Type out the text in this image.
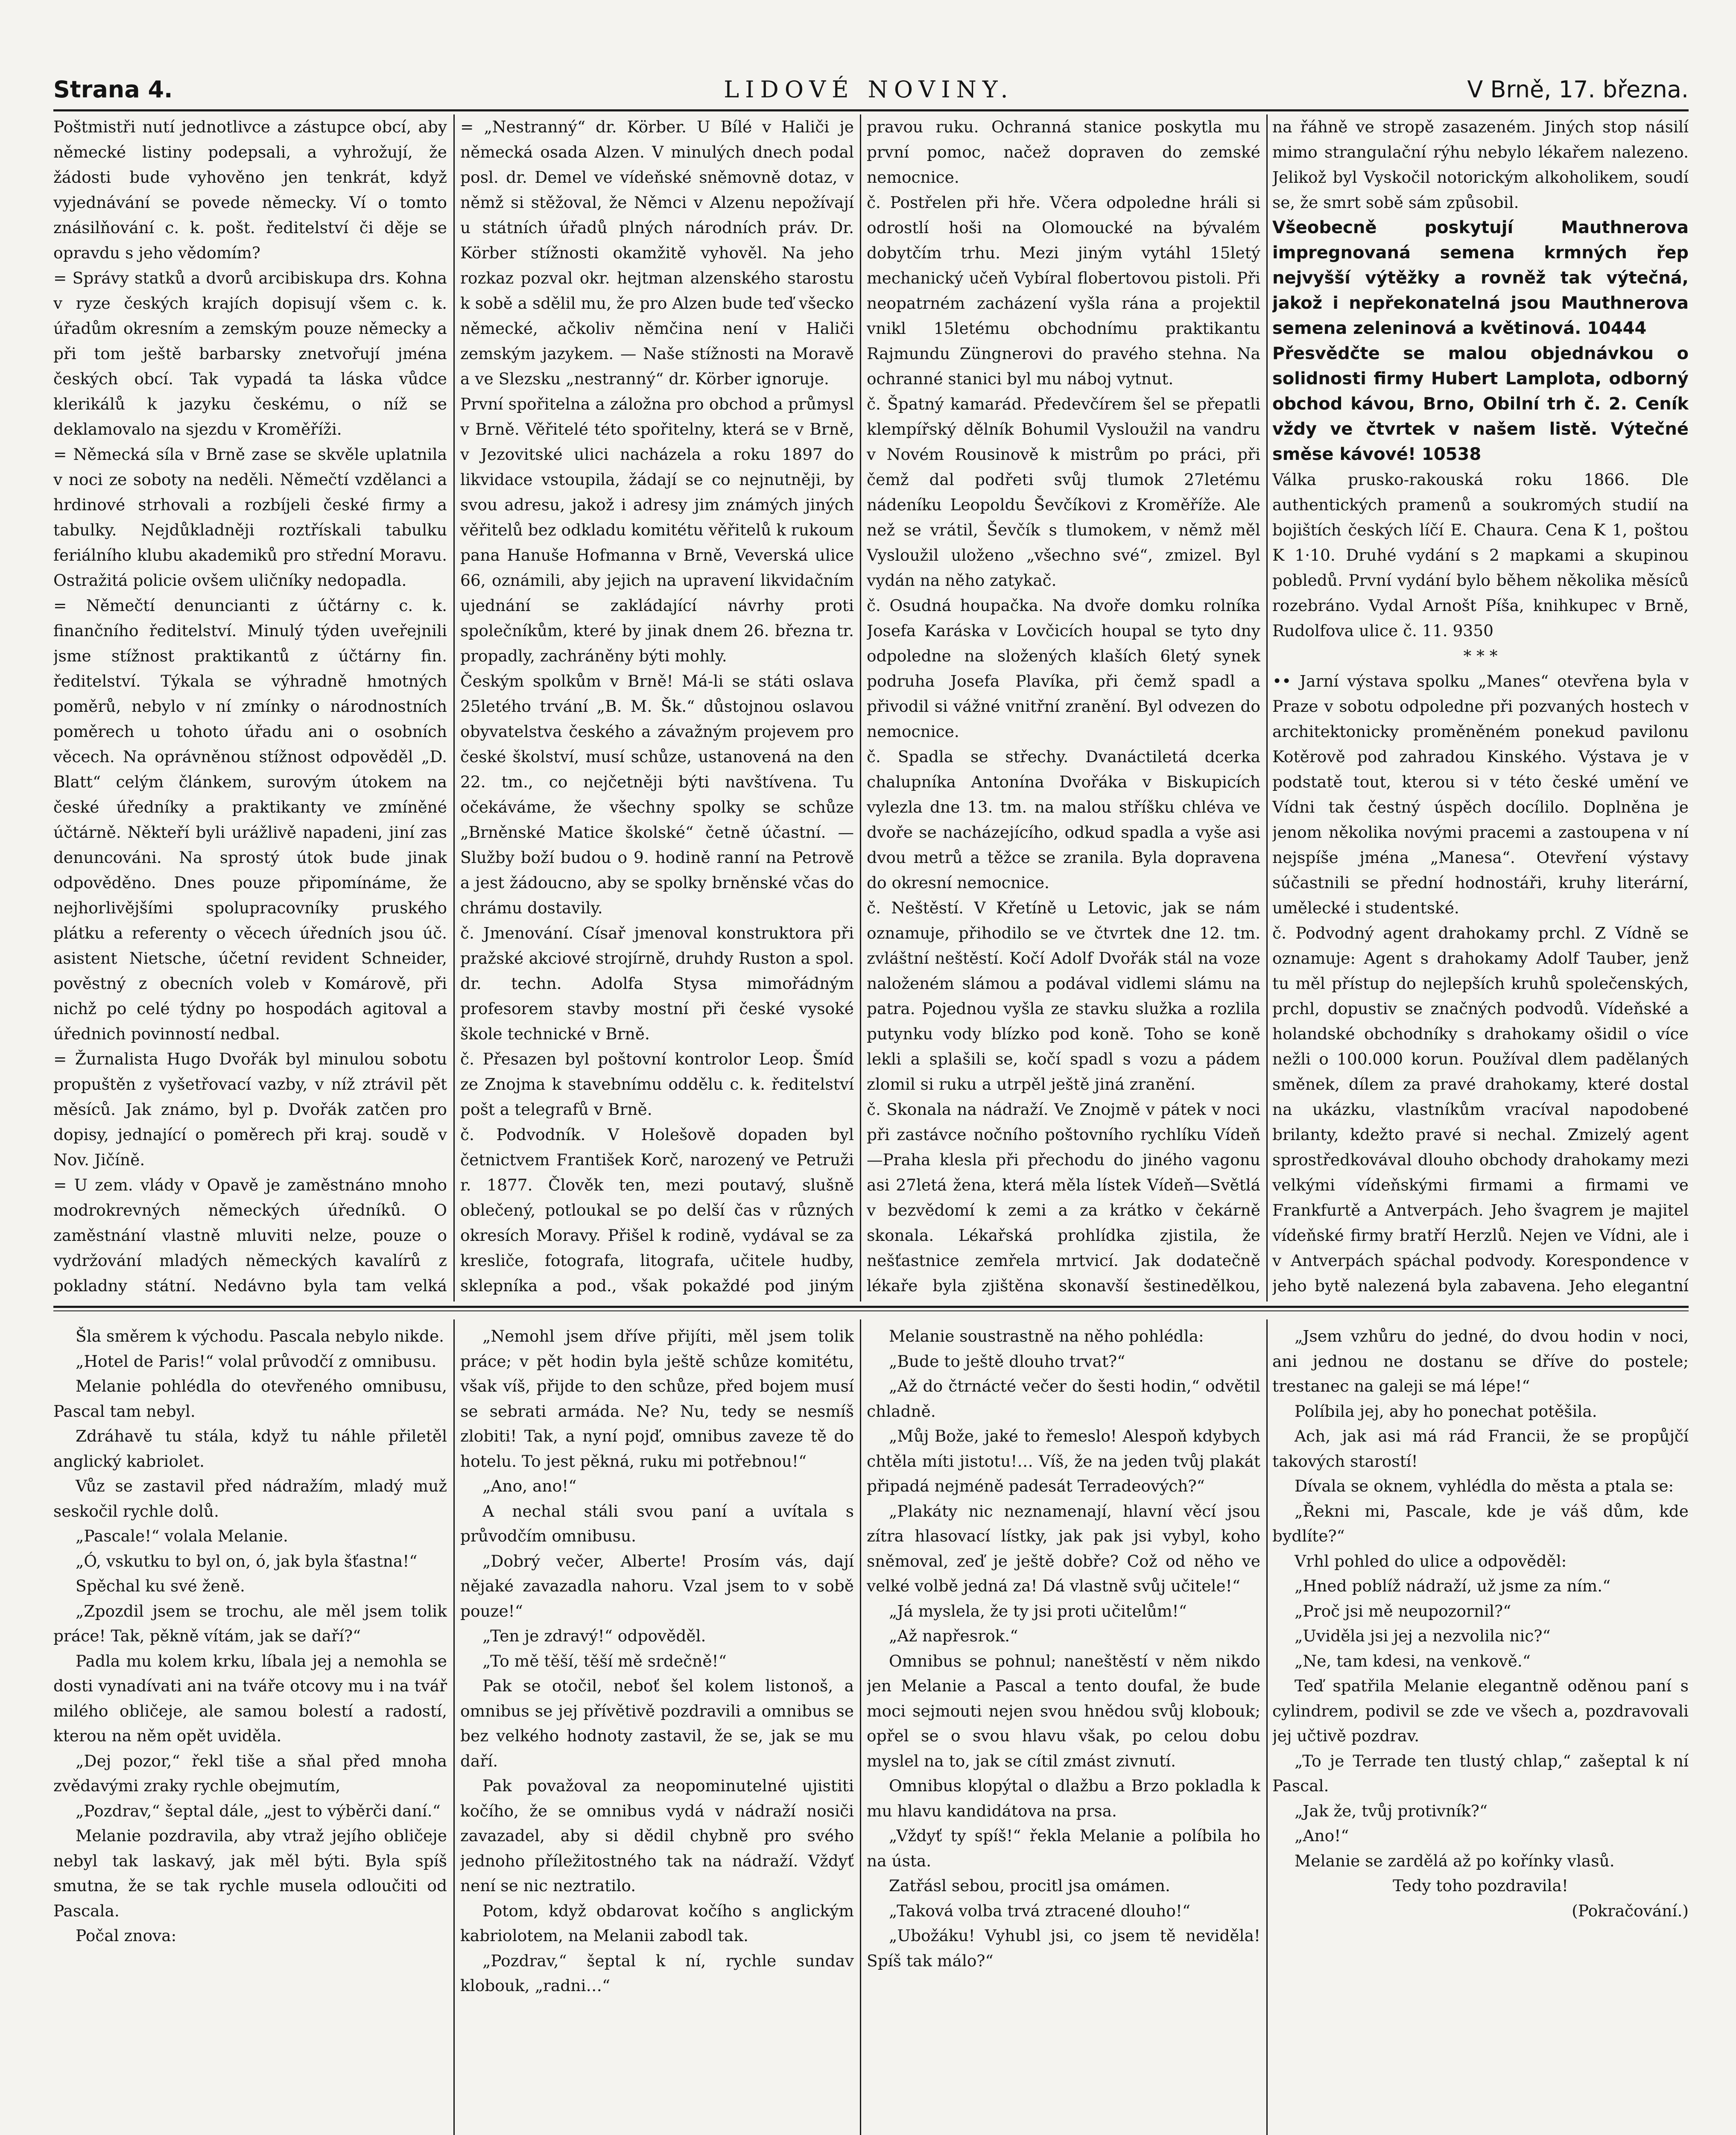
Strana 4.	LIDOVÉ NOVINY.	V Brně, 17. března.

Poštmistři nutí jednotlivce a zástupce obcí, aby německé listiny podepsali, a vyhrožují, že žádosti bude vyhověno jen tenkrát, když vyjednávání se povede německy. Ví o tomto znásilňování c. k. pošt. ředitelství či děje se opravdu s jeho vědomím?

= Správy statků a dvorů arcibiskupa drs. Kohna v ryze českých krajích dopisují všem c. k. úřadům okresním a zemským pouze německy a při tom ještě barbarsky znetvořují jména českých obcí. Tak vypadá ta láska vůdce klerikálů k jazyku českému, o níž se deklamovalo na sjezdu v Kroměříži.

= Německá síla v Brně zase se skvěle uplatnila v noci ze soboty na neděli. Němečtí vzdělanci a hrdinové strhovali a rozbíjeli české firmy a tabulky. Nejdůkladněji roztřískali tabulku feriálního klubu akademiků pro střední Moravu. Ostražitá policie ovšem uličníky nedopadla.

= Němečtí denuncianti z účtárny c. k. finančního ředitelství. Minulý týden uveřejnili jsme stížnost praktikantů z účtárny fin. ředitelství. Týkala se výhradně hmotných poměrů, nebylo v ní zmínky o národnostních poměrech u tohoto úřadu ani o osobních věcech. Na oprávněnou stížnost odpověděl „D. Blatt“ celým článkem, surovým útokem na české úředníky a praktikanty ve zmíněné účtárně. Někteří byli urážlivě napadeni, jiní zas denuncováni. Na sprostý útok bude jinak odpověděno. Dnes pouze připomínáme, že nejhorlivějšími spolupracovníky pruského plátku a referenty o věcech úředních jsou úč. asistent Nietsche, účetní revident Schneider, pověstný z obecních voleb v Komárově, při nichž po celé týdny po hospodách agitoval a úřednich povinností nedbal.

= Žurnalista Hugo Dvořák byl minulou sobotu propuštěn z vyšetřovací vazby, v níž ztrávil pět měsíců. Jak známo, byl p. Dvořák zatčen pro dopisy, jednající o poměrech při kraj. soudě v Nov. Jičíně.

= U zem. vlády v Opavě je zaměstnáno mnoho modrokrevných německých úředníků. O zaměstnání vlastně mluviti nelze, pouze o vydržování mladých německých kavalírů z pokladny státní. Nedávno byla tam velká

= „Nestranný“ dr. Körber. U Bílé v Haliči je německá osada Alzen. V minulých dnech podal posl. dr. Demel ve vídeňské sněmovně dotaz, v němž si stěžoval, že Němci v Alzenu nepožívají u státních úřadů plných národních práv. Dr. Körber stížnosti okamžitě vyhověl. Na jeho rozkaz pozval okr. hejtman alzenského starostu k sobě a sdělil mu, že pro Alzen bude teď všecko německé, ačkoliv němčina není v Haliči zemským jazykem. — Naše stížnosti na Moravě a ve Slezsku „nestranný“ dr. Körber ignoruje.

První spořitelna a záložna pro obchod a průmysl v Brně. Věřitelé této spořitelny, která se v Brně, v Jezovitské ulici nacházela a roku 1897 do likvidace vstoupila, žádají se co nejnutněji, by svou adresu, jakož i adresy jim známých jiných věřitelů bez odkladu komitétu věřitelů k rukoum pana Hanuše Hofmanna v Brně, Veverská ulice 66, oznámili, aby jejich na upravení likvidačním ujednání se zakládající návrhy proti společníkům, které by jinak dnem 26. března tr. propadly, zachráněny býti mohly.

Českým spolkům v Brně! Má-li se státi oslava 25letého trvání „B. M. Šk.“ důstojnou oslavou obyvatelstva českého a závažným projevem pro české školství, musí schůze, ustanovená na den 22. tm., co nejčetněji býti navštívena. Tu očekáváme, že všechny spolky se schůze „Brněnské Matice školské“ četně účastní. — Služby boží budou o 9. hodině ranní na Petrově a jest žádoucno, aby se spolky brněnské včas do chrámu dostavily.

č. Jmenování. Císař jmenoval konstruktora při pražské akciové strojírně, druhdy Ruston a spol. dr. techn. Adolfa Stysa mimořádným profesorem stavby mostní při české vysoké škole technické v Brně.

č. Přesazen byl poštovní kontrolor Leop. Šmíd ze Znojma k stavebnímu oddělu c. k. ředitelství pošt a telegrafů v Brně.

č. Podvodník. V Holešově dopaden byl četnictvem František Korč, narozený ve Petruži r. 1877. Člověk ten, mezi poutavý, slušně oblečený, potloukal se po delší čas v různých okresích Moravy. Přišel k rodině, vydával se za kresliče, fotografa, litografa, učitele hudby, sklepníka a pod., však pokaždé pod jiným

pravou ruku. Ochranná stanice poskytla mu první pomoc, načež dopraven do zemské nemocnice.

č. Postřelen při hře. Včera odpoledne hráli si odrostlí hoši na Olomoucké na bývalém dobytčím trhu. Mezi jiným vytáhl 15letý mechanický učeň Vybíral flobertovou pistoli. Při neopatrném zacházení vyšla rána a projektil vnikl 15letému obchodnímu praktikantu Rajmundu Züngnerovi do pravého stehna. Na ochranné stanici byl mu náboj vytnut.

č. Špatný kamarád. Předevčírem šel se přepatli klempířský dělník Bohumil Vysloužil na vandru v Novém Rousinově k mistrům po práci, při čemž dal podřeti svůj tlumok 27letému nádeníku Leopoldu Ševčíkovi z Kroměříže. Ale než se vrátil, Ševčík s tlumokem, v němž měl Vysloužil uloženo „všechno své“, zmizel. Byl vydán na něho zatykač.

č. Osudná houpačka. Na dvoře domku rolníka Josefa Karáska v Lovčicích houpal se tyto dny odpoledne na složených klaších 6letý synek podruha Josefa Plavíka, při čemž spadl a přivodil si vážné vnitřní zranění. Byl odvezen do nemocnice.

č. Spadla se střechy. Dvanáctiletá dcerka chalupníka Antonína Dvořáka v Biskupicích vylezla dne 13. tm. na malou stříšku chléva ve dvoře se nacházejícího, odkud spadla a vyše asi dvou metrů a těžce se zranila. Byla dopravena do okresní nemocnice.

č. Neštěstí. V Křetíně u Letovic, jak se nám oznamuje, přihodilo se ve čtvrtek dne 12. tm. zvláštní neštěstí. Kočí Adolf Dvořák stál na voze naloženém slámou a podával vidlemi slámu na patra. Pojednou vyšla ze stavku služka a rozlila putynku vody blízko pod koně. Toho se koně lekli a splašili se, kočí spadl s vozu a pádem zlomil si ruku a utrpěl ještě jiná zranění.

č. Skonala na nádraží. Ve Znojmě v pátek v noci při zastávce nočního poštovního rychlíku Vídeň—Praha klesla při přechodu do jiného vagonu asi 27letá žena, která měla lístek Vídeň—Světlá v bezvědomí k zemi a za krátko v čekárně skonala. Lékařská prohlídka zjistila, že nešťastnice zemřela mrtvicí. Jak dodatečně lékaře byla zjištěna skonavší šestinedělkou,

na řáhně ve stropě zasazeném. Jiných stop násilí mimo strangulační rýhu nebylo lékařem nalezeno. Jelikož byl Vyskočil notorickým alkoholikem, soudí se, že smrt sobě sám způsobil.

Všeobecně poskytují Mauthnerova impregnovaná semena krmných řep nejvyšší výtěžky a rovněž tak výtečná, jakož i nepřekonatelná jsou Mauthnerova semena zeleninová a květinová. 10444

Přesvědčte se malou objednávkou o solidnosti firmy Hubert Lamplota, odborný obchod kávou, Brno, Obilní trh č. 2. Ceník vždy ve čtvrtek v našem listě. Výtečné směse kávové! 10538

Válka prusko-rakouská roku 1866. Dle authentických pramenů a soukromých studií na bojištích českých líčí E. Chaura. Cena K 1, poštou K 1·10. Druhé vydání s 2 mapkami a skupinou pobledů. První vydání bylo během několika měsíců rozebráno. Vydal Arnošt Píša, knihkupec v Brně, Rudolfova ulice č. 11. 9350

* * *

•• Jarní výstava spolku „Manes“ otevřena byla v Praze v sobotu odpoledne při pozvaných hostech v architektonicky proměněném ponekud pavilonu Kotěrově pod zahradou Kinského. Výstava je v podstatě tout, kterou si v této české umění ve Vídni tak čestný úspěch docílilo. Doplněna je jenom několika novými pracemi a zastoupena v ní nejspíše jména „Manesa“. Otevření výstavy súčastnili se přední hodnostáři, kruhy literární, umělecké i studentské.

č. Podvodný agent drahokamy prchl. Z Vídně se oznamuje: Agent s drahokamy Adolf Tauber, jenž tu měl přístup do nejlepších kruhů společenských, prchl, dopustiv se značných podvodů. Vídeňské a holandské obchodníky s drahokamy ošidil o více nežli o 100.000 korun. Používal dlem padělaných směnek, dílem za pravé drahokamy, které dostal na ukázku, vlastníkům vracíval napodobené brilanty, kdežto pravé si nechal. Zmizelý agent sprostředkovával dlouho obchody drahokamy mezi velkými vídeňskými firmami a firmami ve Frankfurtě a Antverpách. Jeho švagrem je majitel vídeňské firmy bratří Herzlů. Nejen ve Vídni, ale i v Antverpách spáchal podvody. Korespondence v jeho bytě nalezená byla zabavena. Jeho elegantní

Šla směrem k východu. Pascala nebylo nikde.

„Hotel de Paris!“ volal průvodčí z omnibusu.

Melanie pohlédla do otevřeného omnibusu, Pascal tam nebyl.

Zdráhavě tu stála, když tu náhle přiletěl anglický kabriolet.

Vůz se zastavil před nádražím, mladý muž seskočil rychle dolů.

„Pascale!“ volala Melanie.

„Ó, vskutku to byl on, ó, jak byla šťastna!“

Spěchal ku své ženě.

„Zpozdil jsem se trochu, ale měl jsem tolik práce! Tak, pěkně vítám, jak se daří?“

Padla mu kolem krku, líbala jej a nemohla se dosti vynadívati ani na tváře otcovy mu i na tvář milého obličeje, ale samou bolestí a radostí, kterou na něm opět uviděla.

„Dej pozor,“ řekl tiše a sňal před mnoha zvědavými zraky rychle obejmutím,

„Pozdrav,“ šeptal dále, „jest to výběrči daní.“

Melanie pozdravila, aby vtraž jejího obličeje nebyl tak laskavý, jak měl býti. Byla spíš smutna, že se tak rychle musela odloučiti od Pascala.

Počal znova:

„Nemohl jsem dříve přijíti, měl jsem tolik práce; v pět hodin byla ještě schůze komitétu, však víš, přijde to den schůze, před bojem musí se sebrati armáda. Ne? Nu, tedy se nesmíš zlobiti! Tak, a nyní pojď, omnibus zaveze tě do hotelu. To jest pěkná, ruku mi potřebnou!“

„Ano, ano!“

A nechal stáli svou paní a uvítala s průvodčím omnibusu.

„Dobrý večer, Alberte! Prosím vás, dají nějaké zavazadla nahoru. Vzal jsem to v sobě pouze!“

„Ten je zdravý!“ odpověděl.

„To mě těší, těší mě srdečně!“

Pak se otočil, neboť šel kolem listonoš, a omnibus se jej přívětivě pozdravili a omnibus se bez velkého hodnoty zastavil, že se, jak se mu daří.

Pak považoval za neopominutelné ujistiti kočího, že se omnibus vydá v nádraží nosiči zavazadel, aby si dědil chybně pro svého jednoho příležitostného tak na nádraží. Vždyť není se nic neztratilo.

Potom, když obdarovat kočího s anglickým kabriolotem, na Melanii zabodl tak.

„Pozdrav,“ šeptal k ní, rychle sundav klobouk, „radni…“

Melanie soustrastně na něho pohlédla:

„Bude to ještě dlouho trvat?“

„Až do čtrnácté večer do šesti hodin,“ odvětil chladně.

„Můj Bože, jaké to řemeslo! Alespoň kdybych chtěla míti jistotu!… Víš, že na jeden tvůj plakát připadá nejméně padesát Terradeových?“

„Plakáty nic neznamenají, hlavní věcí jsou zítra hlasovací lístky, jak pak jsi vybyl, koho sněmoval, zeď je ještě dobře? Což od něho ve velké volbě jedná za! Dá vlastně svůj učitele!“

„Já myslela, že ty jsi proti učitelům!“

„Až napřesrok.“

Omnibus se pohnul; naneštěstí v něm nikdo jen Melanie a Pascal a tento doufal, že bude moci sejmouti nejen svou hnědou svůj klobouk; opřel se o svou hlavu však, po celou dobu myslel na to, jak se cítil zmást zivnutí.

Omnibus klopýtal o dlažbu a Brzo pokladla k mu hlavu kandidátova na prsa.

„Vždyť ty spíš!“ řekla Melanie a políbila ho na ústa.

Zatřásl sebou, procitl jsa omámen.

„Taková volba trvá ztracené dlouho!“

„Ubožáku! Vyhubl jsi, co jsem tě neviděla! Spíš tak málo?“

„Jsem vzhůru do jedné, do dvou hodin v noci, ani jednou ne dostanu se dříve do postele; trestanec na galeji se má lépe!“

Políbila jej, aby ho ponechat potěšila.

Ach, jak asi má rád Francii, že se propůjčí takových starostí!

Dívala se oknem, vyhlédla do města a ptala se:

„Řekni mi, Pascale, kde je váš dům, kde bydlíte?“

Vrhl pohled do ulice a odpověděl:

„Hned poblíž nádraží, už jsme za ním.“

„Proč jsi mě neupozornil?“

„Uviděla jsi jej a nezvolila nic?“

„Ne, tam kdesi, na venkově.“

Teď spatřila Melanie elegantně oděnou paní s cylindrem, podivil se zde ve všech a, pozdravovali jej učtivě pozdrav.

„To je Terrade ten tlustý chlap,“ zašeptal k ní Pascal.

„Jak že, tvůj protivník?“

„Ano!“

Melanie se zardělá až po kořínky vlasů.

Tedy toho pozdravila!

(Pokračování.)
